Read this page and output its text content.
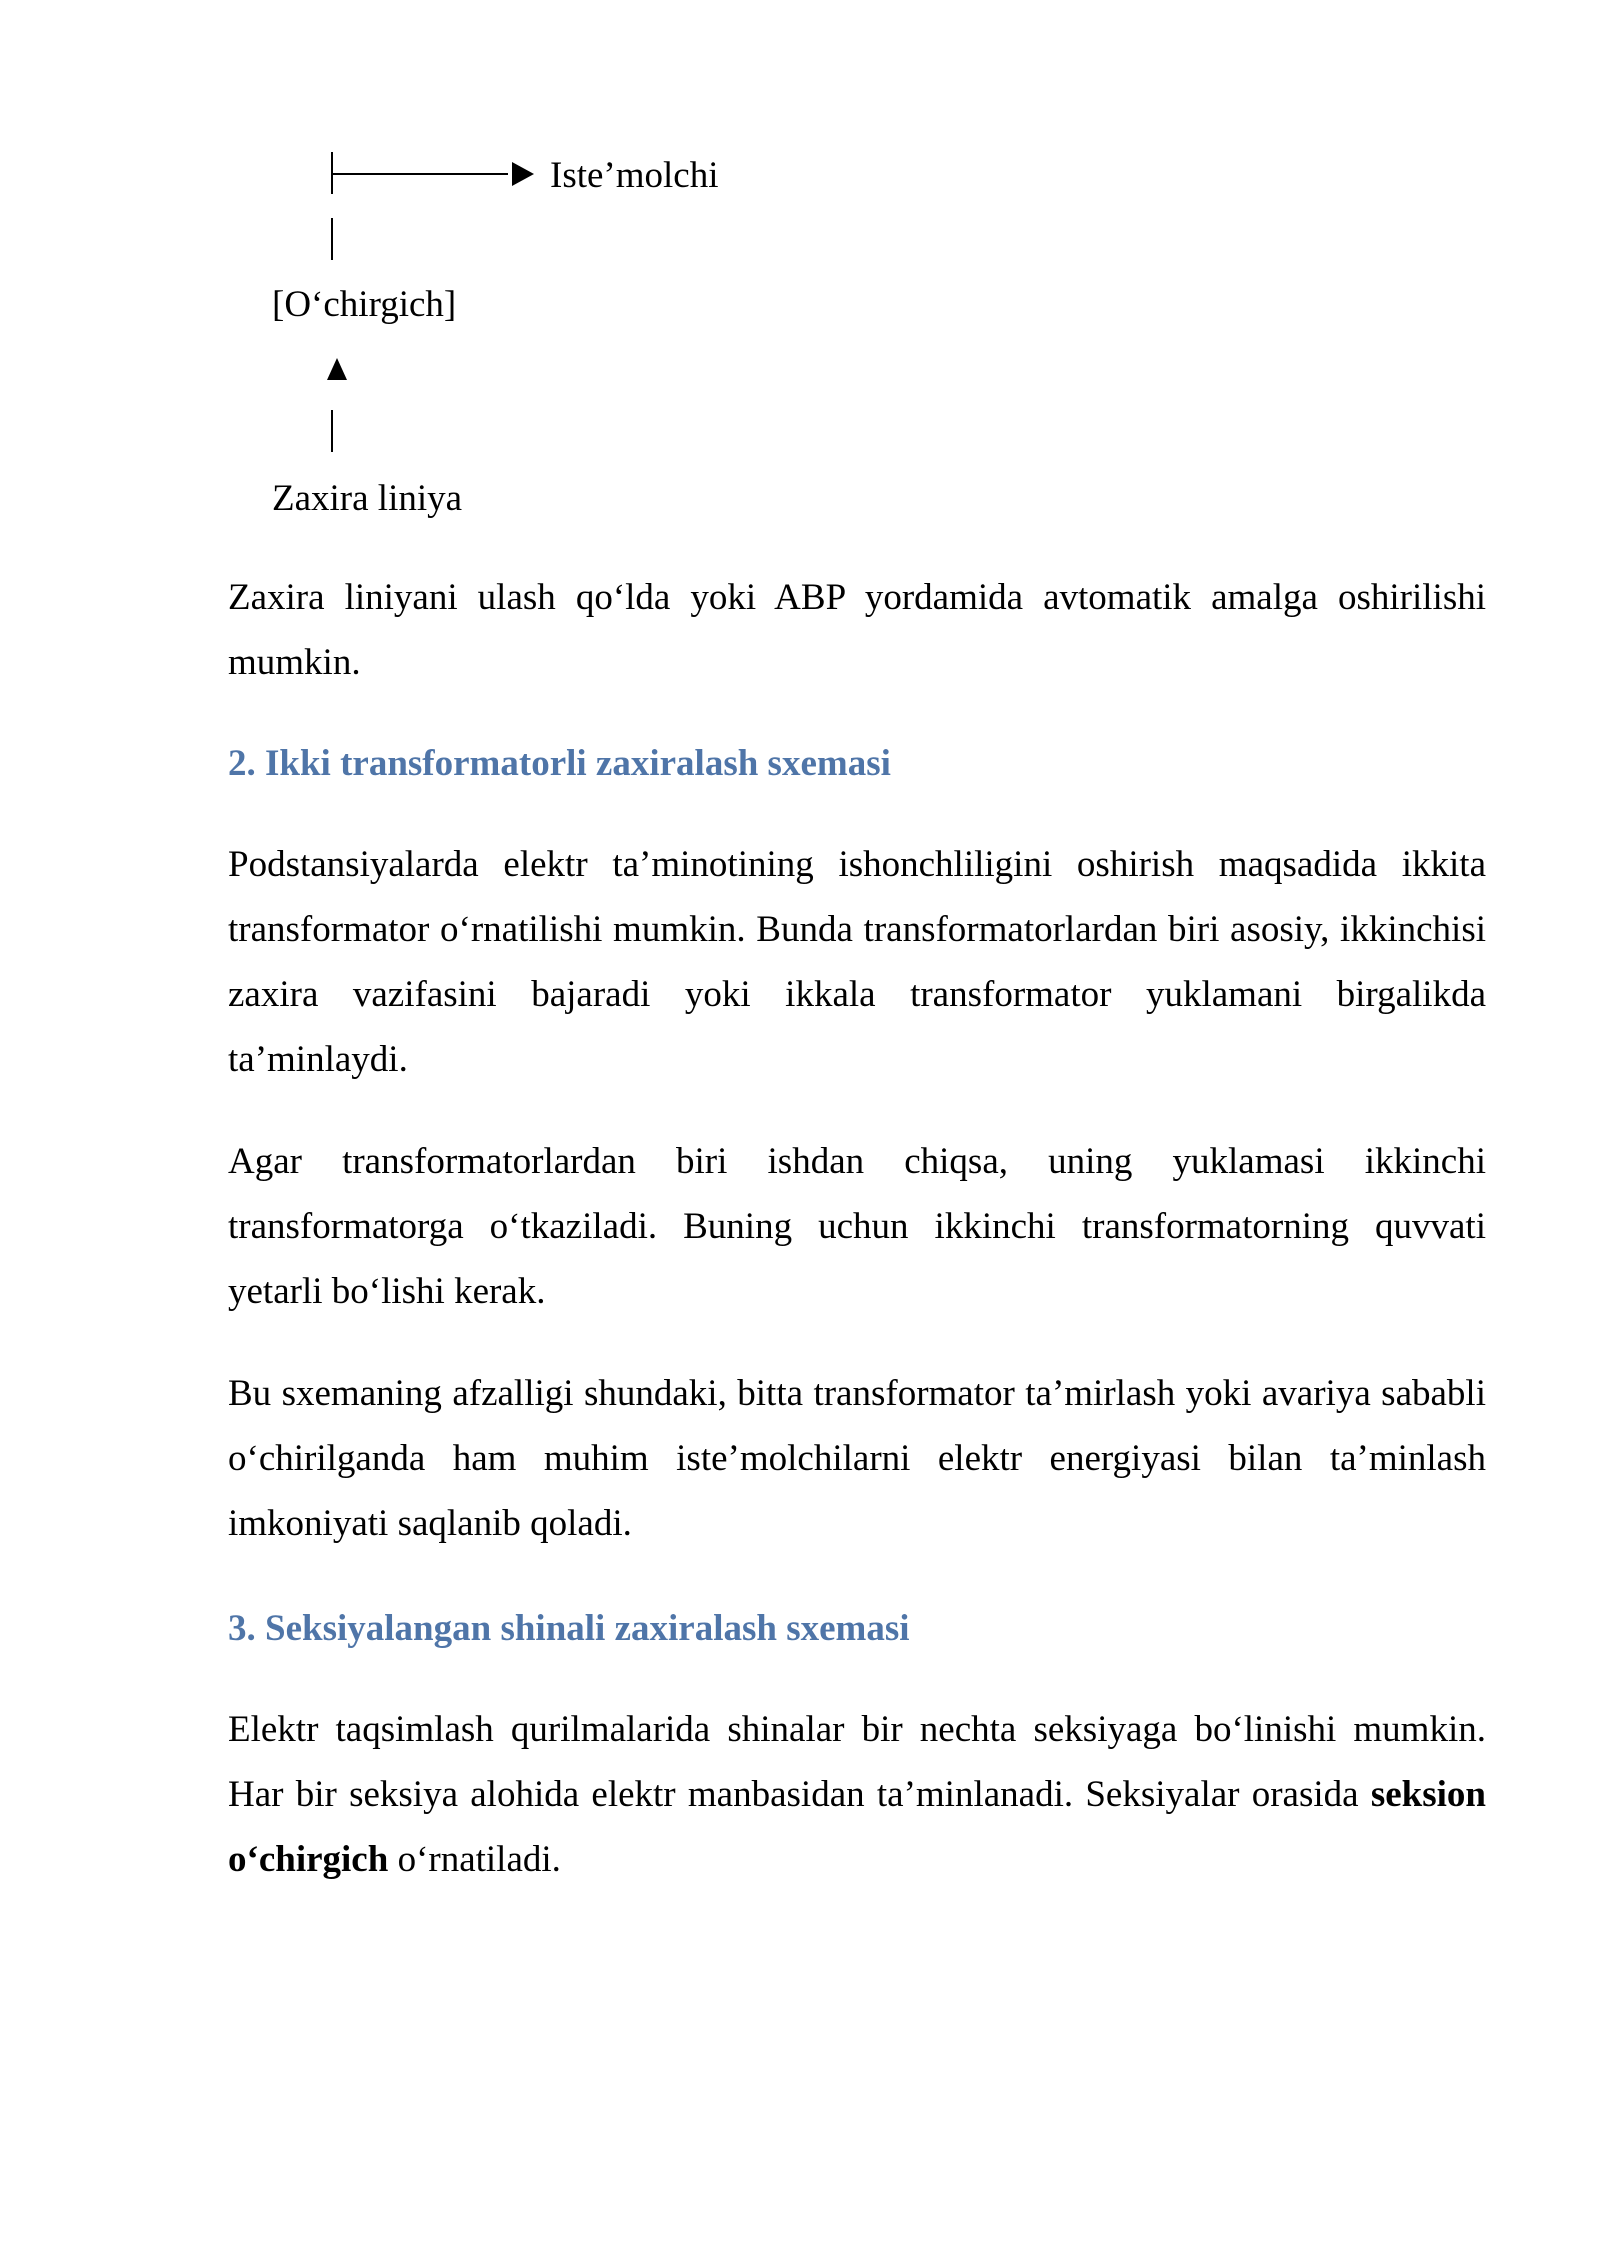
Iste’molchi
[O‘chirgich]
Zaxira liniya

Zaxira liniyani ulash qo‘lda yoki ABP yordamida avtomatik amalga oshirilishi mumkin.

2. Ikki transformatorli zaxiralash sxemasi

Podstansiyalarda elektr ta’minotining ishonchliligini oshirish maqsadida ikkita transformator o‘rnatilishi mumkin. Bunda transformatorlardan biri asosiy, ikkinchisi zaxira vazifasini bajaradi yoki ikkala transformator yuklamani birgalikda ta’minlaydi.

Agar transformatorlardan biri ishdan chiqsa, uning yuklamasi ikkinchi transformatorga o‘tkaziladi. Buning uchun ikkinchi transformatorning quvvati yetarli bo‘lishi kerak.

Bu sxemaning afzalligi shundaki, bitta transformator ta’mirlash yoki avariya sababli o‘chirilganda ham muhim iste’molchilarni elektr energiyasi bilan ta’minlash imkoniyati saqlanib qoladi.

3. Seksiyalangan shinali zaxiralash sxemasi

Elektr taqsimlash qurilmalarida shinalar bir nechta seksiyaga bo‘linishi mumkin. Har bir seksiya alohida elektr manbasidan ta’minlanadi. Seksiyalar orasida seksion o‘chirgich o‘rnatiladi.
